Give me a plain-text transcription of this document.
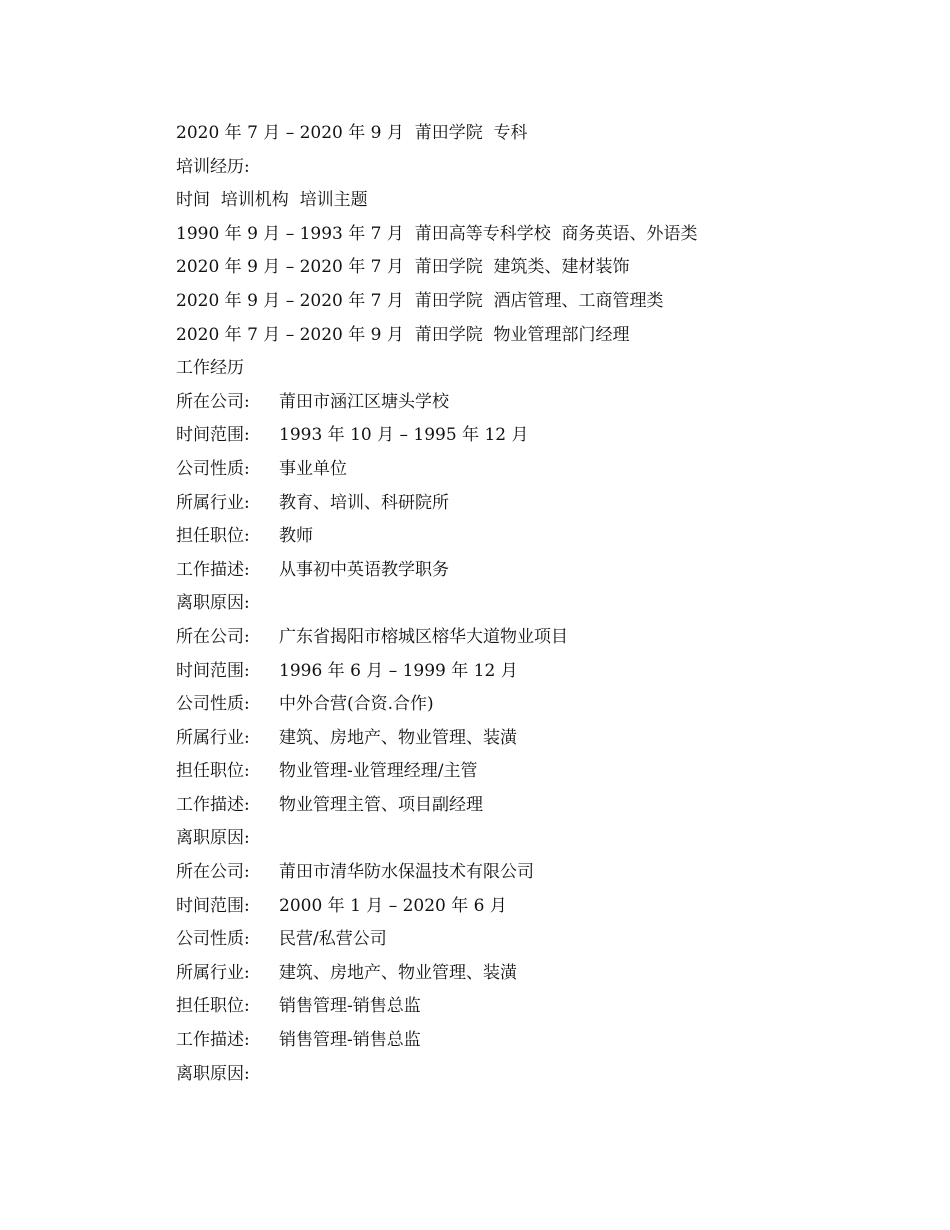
2020 年 7 月 – 2020 年 9 月  莆田学院  专科
培训经历:
时间  培训机构  培训主题
1990 年 9 月 – 1993 年 7 月  莆田高等专科学校  商务英语、外语类
2020 年 9 月 – 2020 年 7 月  莆田学院  建筑类、建材装饰
2020 年 9 月 – 2020 年 7 月  莆田学院  酒店管理、工商管理类
2020 年 7 月 – 2020 年 9 月  莆田学院  物业管理部门经理
工作经历
所在公司:	莆田市涵江区塘头学校
时间范围:	1993 年 10 月 – 1995 年 12 月
公司性质:	事业单位
所属行业:	教育、培训、科研院所
担任职位:	教师
工作描述:	从事初中英语教学职务
离职原因:
所在公司:	广东省揭阳市榕城区榕华大道物业项目
时间范围:	1996 年 6 月 – 1999 年 12 月
公司性质:	中外合营(合资.合作)
所属行业:	建筑、房地产、物业管理、装潢
担任职位:	物业管理-业管理经理/主管
工作描述:	物业管理主管、项目副经理
离职原因:
所在公司:	莆田市清华防水保温技术有限公司
时间范围:	2000 年 1 月 – 2020 年 6 月
公司性质:	民营/私营公司
所属行业:	建筑、房地产、物业管理、装潢
担任职位:	销售管理-销售总监
工作描述:	销售管理-销售总监
离职原因:
